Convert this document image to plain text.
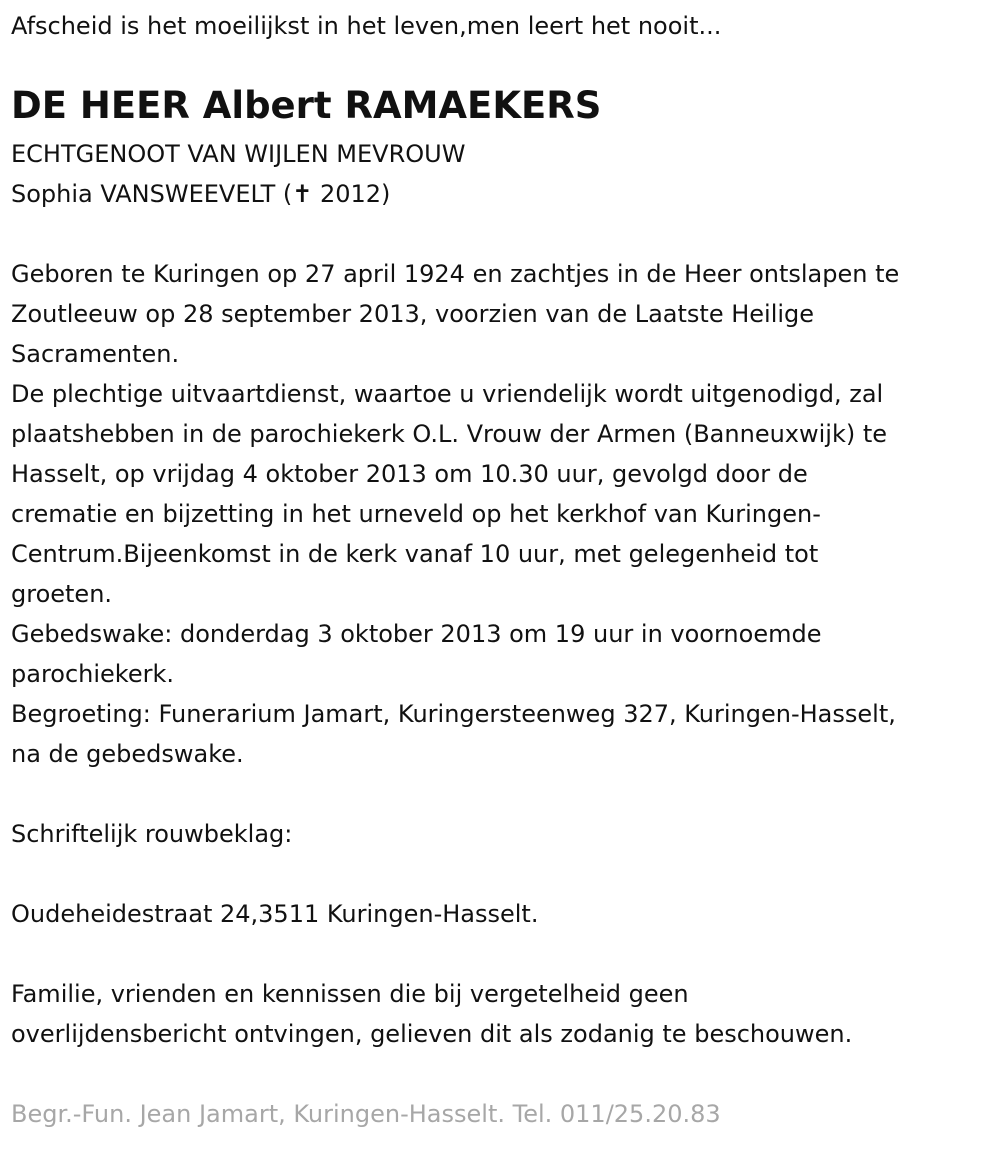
Afscheid is het moeilijkst in het leven,men leert het nooit...

DE HEER Albert RAMAEKERS

ECHTGENOOT VAN WIJLEN MEVROUW

Sophia VANSWEEVELT (✝ 2012)

Geboren te Kuringen op 27 april 1924 en zachtjes in de Heer ontslapen te

Zoutleeuw op 28 september 2013, voorzien van de Laatste Heilige

Sacramenten.

De plechtige uitvaartdienst, waartoe u vriendelijk wordt uitgenodigd, zal

plaatshebben in de parochiekerk O.L. Vrouw der Armen (Banneuxwijk) te

Hasselt, op vrijdag 4 oktober 2013 om 10.30 uur, gevolgd door de

crematie en bijzetting in het urneveld op het kerkhof van Kuringen-

Centrum.Bijeenkomst in de kerk vanaf 10 uur, met gelegenheid tot

groeten.

Gebedswake: donderdag 3 oktober 2013 om 19 uur in voornoemde

parochiekerk.

Begroeting: Funerarium Jamart, Kuringersteenweg 327, Kuringen-Hasselt,

na de gebedswake.

Schriftelijk rouwbeklag:

Oudeheidestraat 24,3511 Kuringen-Hasselt.

Familie, vrienden en kennissen die bij vergetelheid geen

overlijdensbericht ontvingen, gelieven dit als zodanig te beschouwen.

Begr.-Fun. Jean Jamart, Kuringen-Hasselt. Tel. 011/25.20.83
